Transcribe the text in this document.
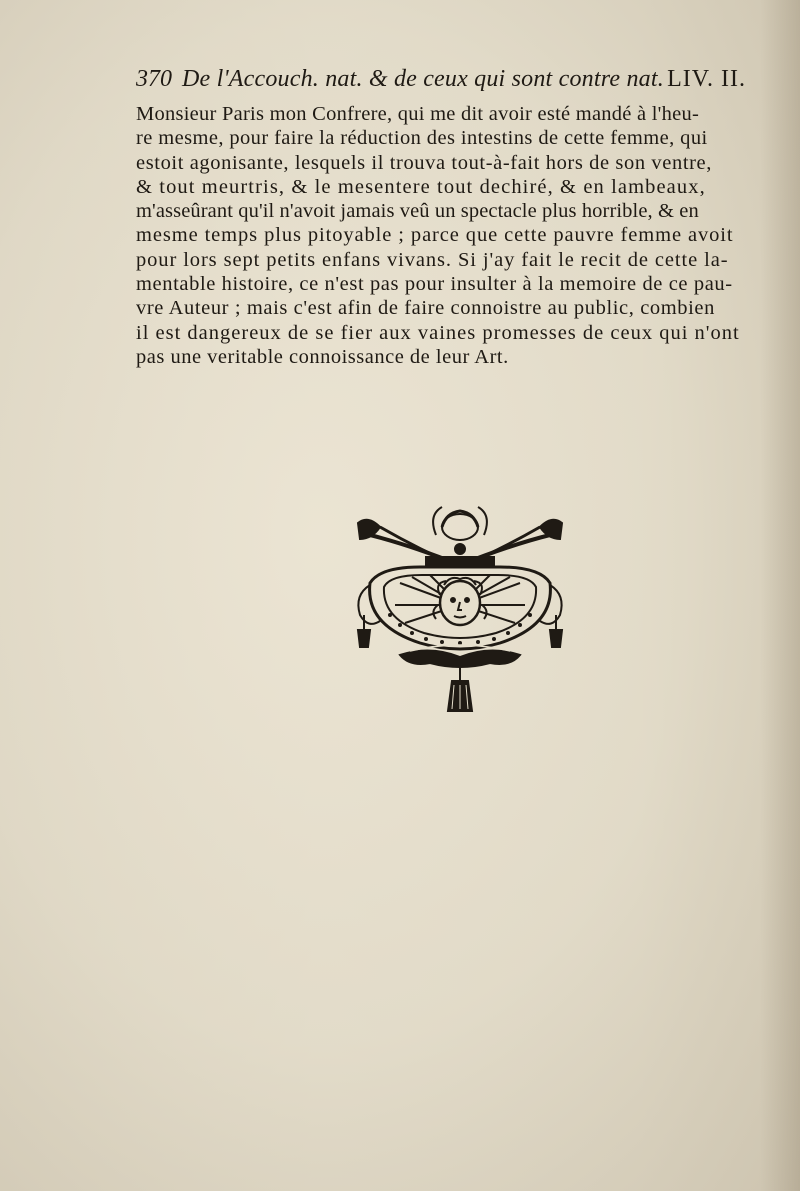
370 De l'Accouch. nat. & de ceux qui sont contre nat. LIV. II.
Monsieur Paris mon Confrere, qui me dit avoir esté mandé à l'heu-
re mesme, pour faire la réduction des intestins de cette femme, qui
estoit agonisante, lesquels il trouva tout-à-fait hors de son ventre,
& tout meurtris, & le mesentere tout dechiré, & en lambeaux,
m'asseûrant qu'il n'avoit jamais veû un spectacle plus horrible, & en
mesme temps plus pitoyable ; parce que cette pauvre femme avoit
pour lors sept petits enfans vivans. Si j'ay fait le recit de cette la-
mentable histoire, ce n'est pas pour insulter à la memoire de ce pau-
vre Auteur ; mais c'est afin de faire connoistre au public, combien
il est dangereux de se fier aux vaines promesses de ceux qui n'ont
pas une veritable connoissance de leur Art.
